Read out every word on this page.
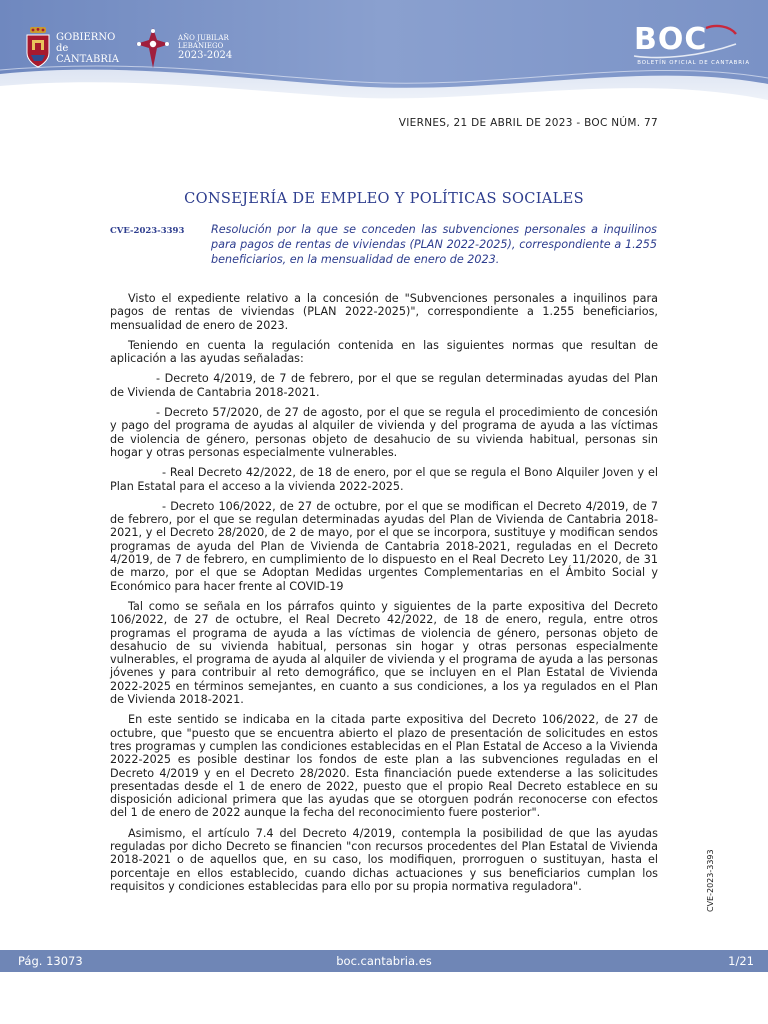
GOBIERNO
de
CANTABRIA
AÑO JUBILAR
LEBANIEGO
2023-2024	BOC
BOLETÍN OFICIAL DE CANTABRIA
VIERNES, 21 DE ABRIL DE 2023 - BOC NÚM. 77
CONSEJERÍA DE EMPLEO Y POLÍTICAS SOCIALES
CVE-2023-3393 Resolución por la que se conceden las subvenciones personales a inquilinos para pagos de rentas de viviendas (PLAN 2022-2025), correspondiente a 1.255 beneficiarios, en la mensualidad de enero de 2023.

Visto el expediente relativo a la concesión de "Subvenciones personales a inquilinos para pagos de rentas de viviendas (PLAN 2022-2025)", correspondiente a 1.255 beneficiarios, mensualidad de enero de 2023.

Teniendo en cuenta la regulación contenida en las siguientes normas que resultan de aplicación a las ayudas señaladas:

- Decreto 4/2019, de 7 de febrero, por el que se regulan determinadas ayudas del Plan de Vivienda de Cantabria 2018-2021.

- Decreto 57/2020, de 27 de agosto, por el que se regula el procedimiento de concesión y pago del programa de ayudas al alquiler de vivienda y del programa de ayuda a las víctimas de violencia de género, personas objeto de desahucio de su vivienda habitual, personas sin hogar y otras personas especialmente vulnerables.

- Real Decreto 42/2022, de 18 de enero, por el que se regula el Bono Alquiler Joven y el Plan Estatal para el acceso a la vivienda 2022-2025.

- Decreto 106/2022, de 27 de octubre, por el que se modifican el Decreto 4/2019, de 7 de febrero, por el que se regulan determinadas ayudas del Plan de Vivienda de Cantabria 2018-2021, y el Decreto 28/2020, de 2 de mayo, por el que se incorpora, sustituye y modifican sendos programas de ayuda del Plan de Vivienda de Cantabria 2018-2021, reguladas en el Decreto 4/2019, de 7 de febrero, en cumplimiento de lo dispuesto en el Real Decreto Ley 11/2020, de 31 de marzo, por el que se Adoptan Medidas urgentes Complementarias en el Ámbito Social y Económico para hacer frente al COVID-19

Tal como se señala en los párrafos quinto y siguientes de la parte expositiva del Decreto 106/2022, de 27 de octubre, el Real Decreto 42/2022, de 18 de enero, regula, entre otros programas el programa de ayuda a las víctimas de violencia de género, personas objeto de desahucio de su vivienda habitual, personas sin hogar y otras personas especialmente vulnerables, el programa de ayuda al alquiler de vivienda y el programa de ayuda a las personas jóvenes y para contribuir al reto demográfico, que se incluyen en el Plan Estatal de Vivienda 2022-2025 en términos semejantes, en cuanto a sus condiciones, a los ya regulados en el Plan de Vivienda 2018-2021.

En este sentido se indicaba en la citada parte expositiva del Decreto 106/2022, de 27 de octubre, que "puesto que se encuentra abierto el plazo de presentación de solicitudes en estos tres programas y cumplen las condiciones establecidas en el Plan Estatal de Acceso a la Vivienda 2022-2025 es posible destinar los fondos de este plan a las subvenciones reguladas en el Decreto 4/2019 y en el Decreto 28/2020. Esta financiación puede extenderse a las solicitudes presentadas desde el 1 de enero de 2022, puesto que el propio Real Decreto establece en su disposición adicional primera que las ayudas que se otorguen podrán reconocerse con efectos del 1 de enero de 2022 aunque la fecha del reconocimiento fuere posterior".

Asimismo, el artículo 7.4 del Decreto 4/2019, contempla la posibilidad de que las ayudas reguladas por dicho Decreto se financien "con recursos procedentes del Plan Estatal de Vivienda 2018-2021 o de aquellos que, en su caso, los modifiquen, prorroguen o sustituyan, hasta el porcentaje en ellos establecido, cuando dichas actuaciones y sus beneficiarios cumplan los requisitos y condiciones establecidas para ello por su propia normativa reguladora".	CVE-2023-3393
Pág. 13073	boc.cantabria.es	1/21
